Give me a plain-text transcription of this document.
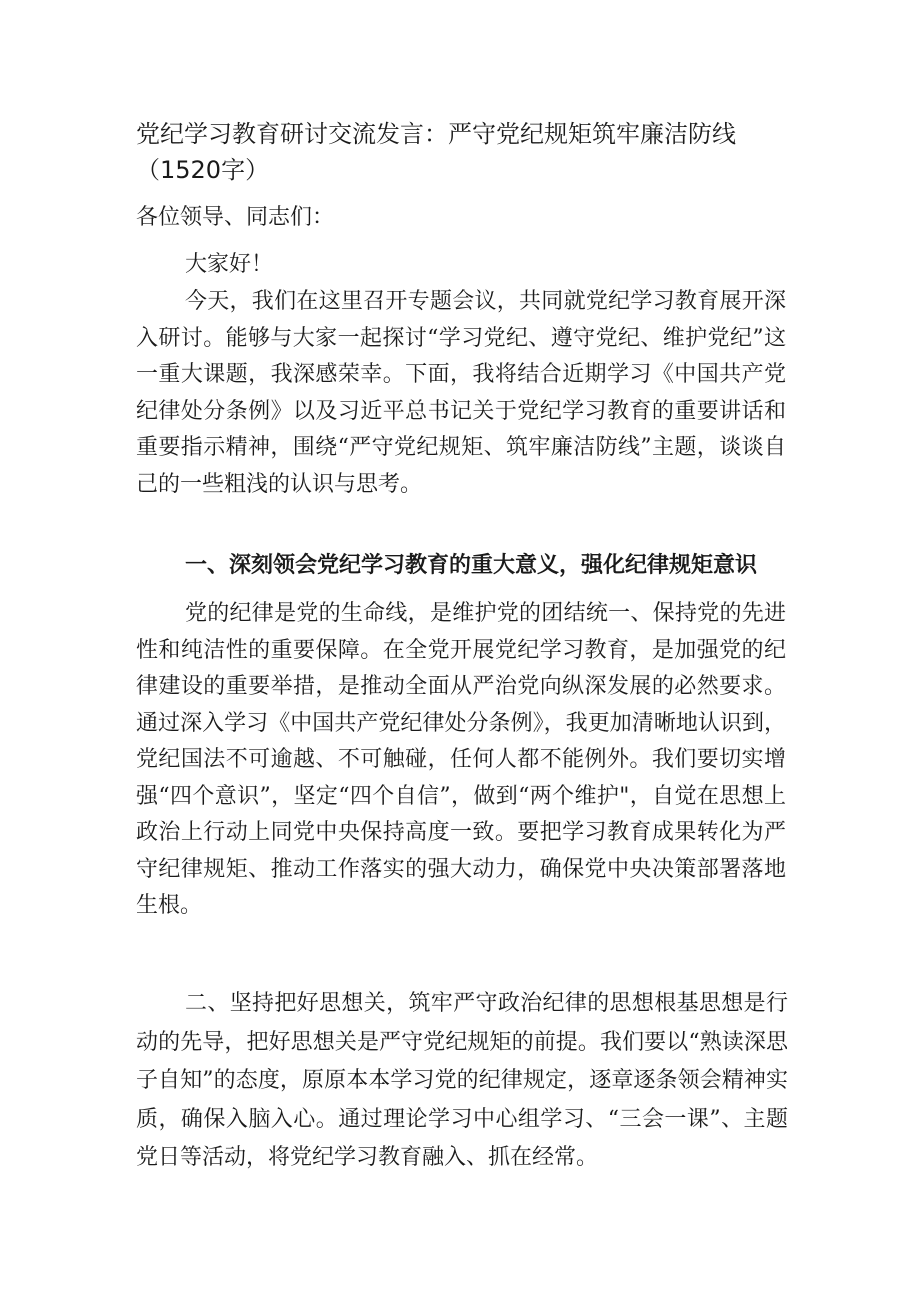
党纪学习教育研讨交流发言：严守党纪规矩筑牢廉洁防线（1520字）

各位领导、同志们：

大家好！

今天，我们在这里召开专题会议，共同就党纪学习教育展开深入研讨。能够与大家一起探讨“学习党纪、遵守党纪、维护党纪”这一重大课题，我深感荣幸。下面，我将结合近期学习《中国共产党纪律处分条例》以及习近平总书记关于党纪学习教育的重要讲话和重要指示精神，围绕“严守党纪规矩、筑牢廉洁防线”主题，谈谈自己的一些粗浅的认识与思考。

一、深刻领会党纪学习教育的重大意义，强化纪律规矩意识

党的纪律是党的生命线，是维护党的团结统一、保持党的先进性和纯洁性的重要保障。在全党开展党纪学习教育，是加强党的纪律建设的重要举措，是推动全面从严治党向纵深发展的必然要求。通过深入学习《中国共产党纪律处分条例》，我更加清晰地认识到，党纪国法不可逾越、不可触碰，任何人都不能例外。我们要切实增强“四个意识”，坚定“四个自信”，做到“两个维护"，自觉在思想上政治上行动上同党中央保持高度一致。要把学习教育成果转化为严守纪律规矩、推动工作落实的强大动力，确保党中央决策部署落地生根。

二、坚持把好思想关，筑牢严守政治纪律的思想根基思想是行动的先导，把好思想关是严守党纪规矩的前提。我们要以“熟读深思子自知”的态度，原原本本学习党的纪律规定，逐章逐条领会精神实质，确保入脑入心。通过理论学习中心组学习、“三会一课”、主题党日等活动，将党纪学习教育融入、抓在经常。
